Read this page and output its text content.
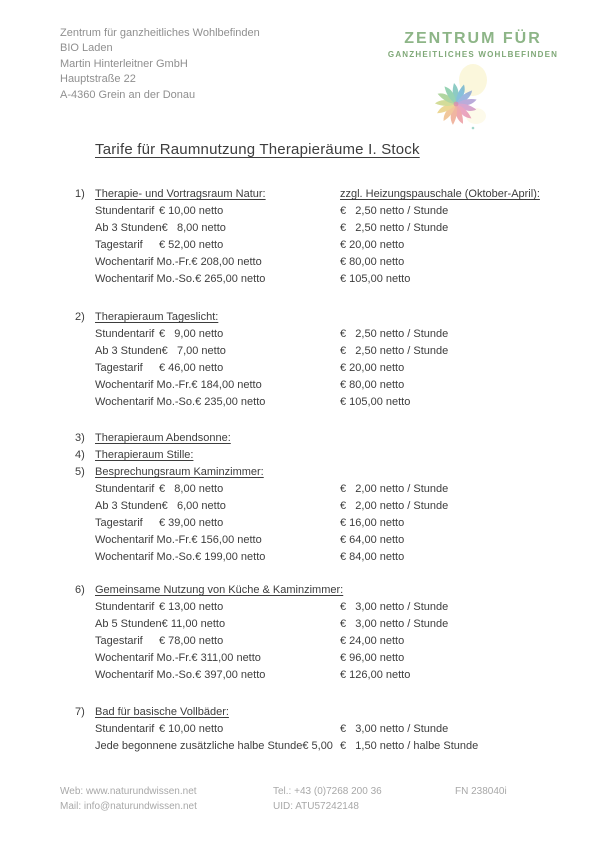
Zentrum für ganzheitliches Wohlbefinden
BIO Laden
Martin Hinterleitner GmbH
Hauptstraße 22
A-4360 Grein an der Donau
ZENTRUM FÜR
GANZHEITLICHES WOHLBEFINDEN
Tarife für Raumnutzung Therapieräume I. Stock
1) Therapie- und Vortragsraum Natur:	zzgl. Heizungspauschale (Oktober-April):
Stundentarif € 10,00 netto	€   2,50 netto / Stunde
Ab 3 Stunden €   8,00 netto	€   2,50 netto / Stunde
Tagestarif	€ 52,00 netto	€ 20,00 netto
Wochentarif Mo.-Fr. € 208,00 netto	€ 80,00 netto
Wochentarif Mo.-So. € 265,00 netto	€ 105,00 netto
2) Therapieraum Tageslicht:
Stundentarif €   9,00 netto	€   2,50 netto / Stunde
Ab 3 Stunden €   7,00 netto	€   2,50 netto / Stunde
Tagestarif	€ 46,00 netto	€ 20,00 netto
Wochentarif Mo.-Fr. € 184,00 netto	€ 80,00 netto
Wochentarif Mo.-So. € 235,00 netto	€ 105,00 netto
3) Therapieraum Abendsonne:
4) Therapieraum Stille:
5) Besprechungsraum Kaminzimmer:
Stundentarif €   8,00 netto	€   2,00 netto / Stunde
Ab 3 Stunden €   6,00 netto	€   2,00 netto / Stunde
Tagestarif	€ 39,00 netto	€ 16,00 netto
Wochentarif Mo.-Fr. € 156,00 netto	€ 64,00 netto
Wochentarif Mo.-So. € 199,00 netto	€ 84,00 netto
6) Gemeinsame Nutzung von Küche & Kaminzimmer:
Stundentarif € 13,00 netto	€   3,00 netto / Stunde
Ab 5 Stunden € 11,00 netto	€   3,00 netto / Stunde
Tagestarif	€ 78,00 netto	€ 24,00 netto
Wochentarif Mo.-Fr. € 311,00 netto	€ 96,00 netto
Wochentarif Mo.-So. € 397,00 netto	€ 126,00 netto
7) Bad für basische Vollbäder:
Stundentarif € 10,00 netto	€   3,00 netto / Stunde
Jede begonnene zusätzliche halbe Stunde € 5,00 €   1,50 netto / halbe Stunde
Web: www.naturundwissen.net
Mail: info@naturundwissen.net
Tel.: +43 (0)7268 200 36
UID: ATU57242148
FN 238040i
